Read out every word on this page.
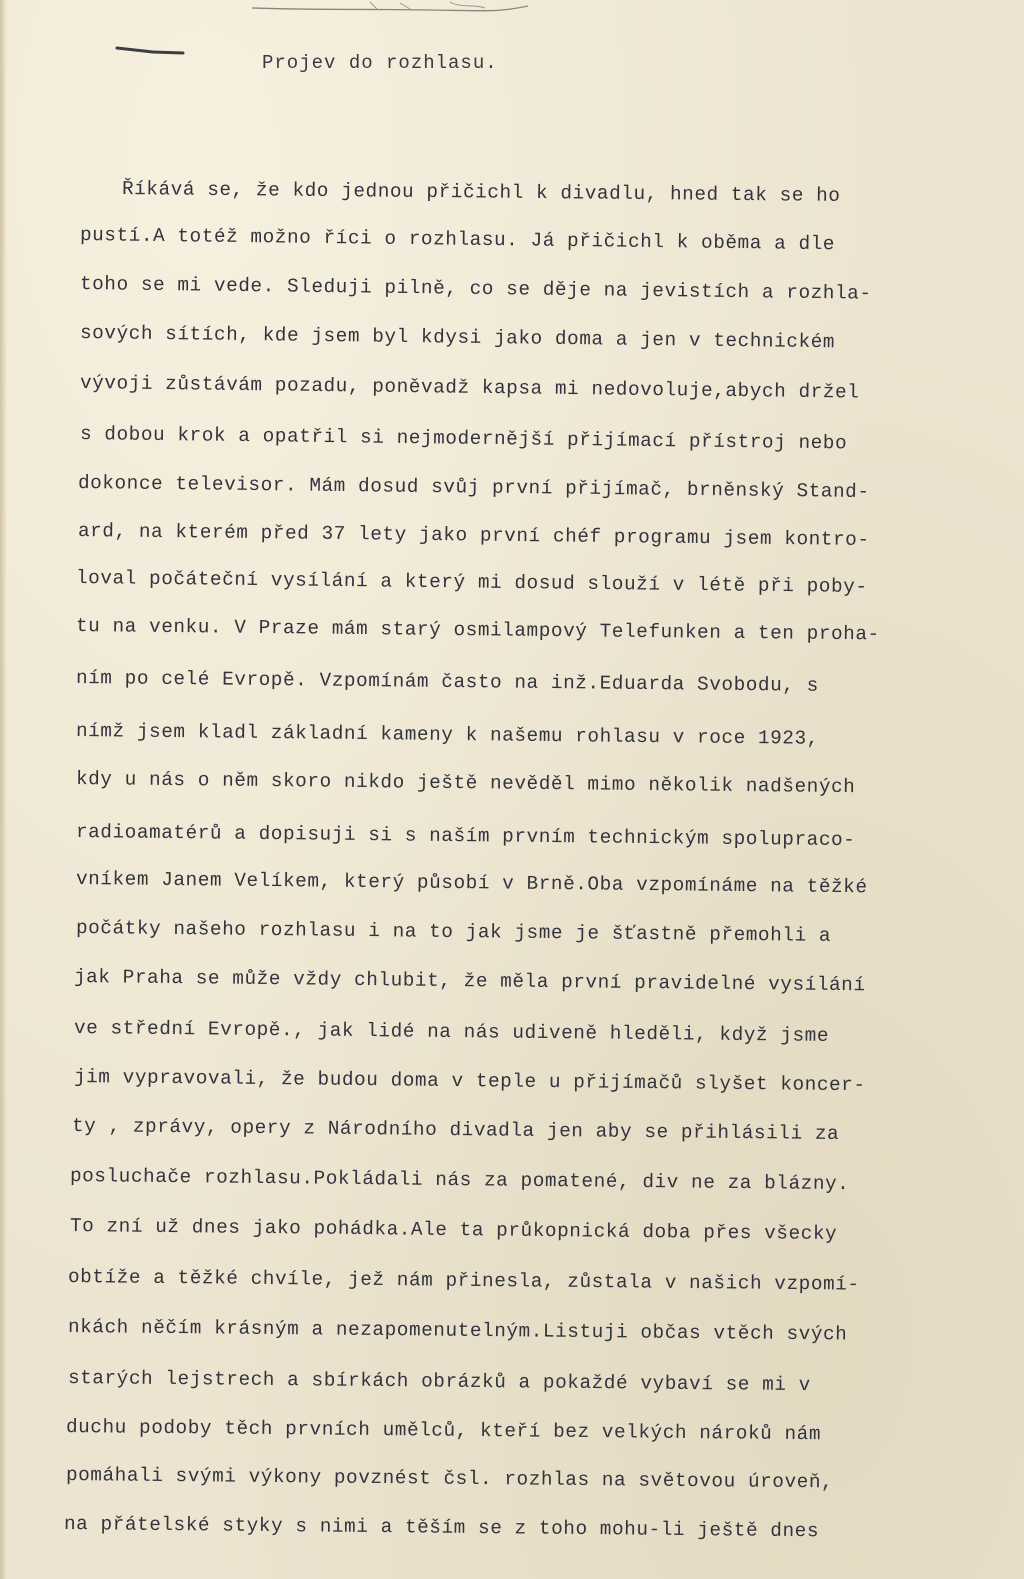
Projev do rozhlasu.
Říkává se, že kdo jednou přičichl k divadlu, hned tak se ho
pustí.A totéž možno říci o rozhlasu. Já přičichl k oběma a dle
toho se mi vede. Sleduji pilně, co se děje na jevistích a rozhla-
sových sítích, kde jsem byl kdysi jako doma a jen v technickém
vývoji zůstávám pozadu, poněvadž kapsa mi nedovoluje,abych držel
s dobou krok a opatřil si nejmodernější přijímací přístroj nebo
dokonce televisor. Mám dosud svůj první přijímač, brněnský Stand-
ard, na kterém před 37 lety jako první chéf programu jsem kontro-
loval počáteční vysílání a který mi dosud slouží v létě při poby-
tu na venku. V Praze mám starý osmilampový Telefunken a ten proha-
ním po celé Evropě. Vzpomínám často na inž.Eduarda Svobodu, s
nímž jsem kladl základní kameny k našemu rohlasu v roce 1923,
kdy u nás o něm skoro nikdo ještě nevěděl mimo několik nadšených
radioamatérů a dopisuji si s naším prvním technickým spolupraco-
vníkem Janem Velíkem, který působí v Brně.Oba vzpomínáme na těžké
počátky našeho rozhlasu i na to jak jsme je šťastně přemohli a
jak Praha se může vždy chlubit, že měla první pravidelné vysílání
ve střední Evropě., jak lidé na nás udiveně hleděli, když jsme
jim vypravovali, že budou doma v teple u přijímačů slyšet koncer-
ty , zprávy, opery z Národního divadla jen aby se přihlásili za
posluchače rozhlasu.Pokládali nás za pomatené, div ne za blázny.
To zní už dnes jako pohádka.Ale ta průkopnická doba přes všecky
obtíže a těžké chvíle, jež nám přinesla, zůstala v našich vzpomí-
nkách něčím krásným a nezapomenutelným.Listuji občas vtěch svých
starých lejstrech a sbírkách obrázků a pokaždé vybaví se mi v
duchu podoby těch prvních umělců, kteří bez velkých nároků nám
pomáhali svými výkony povznést čsl. rozhlas na světovou úroveň,
na přátelské styky s nimi a těším se z toho mohu-li ještě dnes
